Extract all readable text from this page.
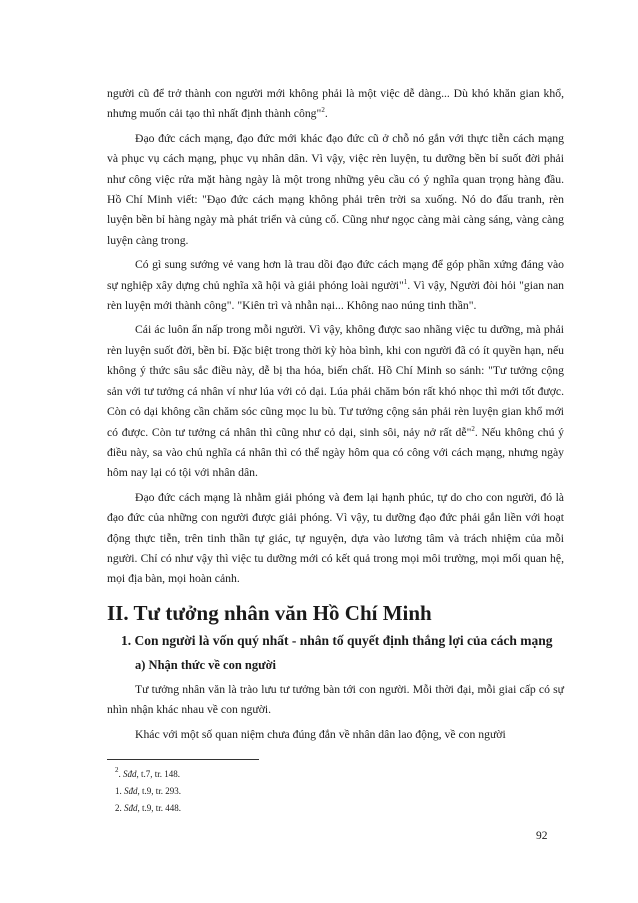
người cũ để trở thành con người mới không phải là một việc dễ dàng... Dù khó khăn gian khổ, nhưng muốn cải tạo thì nhất định thành công"$^2$.

Đạo đức cách mạng, đạo đức mới khác đạo đức cũ ở chỗ nó gắn với thực tiễn cách mạng và phục vụ cách mạng, phục vụ nhân dân. Vì vậy, việc rèn luyện, tu dưỡng bền bỉ suốt đời phải như công việc rửa mặt hàng ngày là một trong những yêu cầu có ý nghĩa quan trọng hàng đầu. Hồ Chí Minh viết: "Đạo đức cách mạng không phải trên trời sa xuống. Nó do đấu tranh, rèn luyện bền bỉ hàng ngày mà phát triển và củng cố. Cũng như ngọc càng mài càng sáng, vàng càng luyện càng trong.

Có gì sung sướng vẻ vang hơn là trau dồi đạo đức cách mạng để góp phần xứng đáng vào sự nghiệp xây dựng chủ nghĩa xã hội và giải phóng loài người"$^1$. Vì vậy, Người đòi hỏi "gian nan rèn luyện mới thành công". "Kiên trì và nhẫn nại... Không nao núng tinh thần".

Cái ác luôn ẩn nấp trong mỗi người. Vì vậy, không được sao nhãng việc tu dưỡng, mà phải rèn luyện suốt đời, bền bỉ. Đặc biệt trong thời kỳ hòa bình, khi con người đã có ít quyền hạn, nếu không ý thức sâu sắc điều này, dễ bị tha hóa, biến chất. Hồ Chí Minh so sánh: "Tư tưởng cộng sản với tư tưởng cá nhân ví như lúa với cỏ dại. Lúa phải chăm bón rất khó nhọc thì mới tốt được. Còn cỏ dại không cần chăm sóc cũng mọc lu bù. Tư tưởng cộng sản phải rèn luyện gian khổ mới có được. Còn tư tưởng cá nhân thì cũng như cỏ dại, sinh sôi, nảy nở rất dễ"$^2$. Nếu không chú ý điều này, sa vào chủ nghĩa cá nhân thì có thể ngày hôm qua có công với cách mạng, nhưng ngày hôm nay lại có tội với nhân dân.

Đạo đức cách mạng là nhằm giải phóng và đem lại hạnh phúc, tự do cho con người, đó là đạo đức của những con người được giải phóng. Vì vậy, tu dưỡng đạo đức phải gắn liền với hoạt động thực tiễn, trên tinh thần tự giác, tự nguyện, dựa vào lương tâm và trách nhiệm của mỗi người. Chỉ có như vậy thì việc tu dưỡng mới có kết quả trong mọi môi trường, mọi mối quan hệ, mọi địa bàn, mọi hoàn cảnh.

II. Tư tưởng nhân văn Hồ Chí Minh
1. Con người là vốn quý nhất - nhân tố quyết định thắng lợi của cách mạng
a) Nhận thức về con người

Tư tưởng nhân văn là trào lưu tư tưởng bàn tới con người. Mỗi thời đại, mỗi giai cấp có sự nhìn nhận khác nhau về con người.

Khác với một số quan niệm chưa đúng đắn về nhân dân lao động, về con người

$^2$. Sđd, t.7, tr. 148.
1. Sđd, t.9, tr. 293.
2. Sđd, t.9, tr. 448.
92
